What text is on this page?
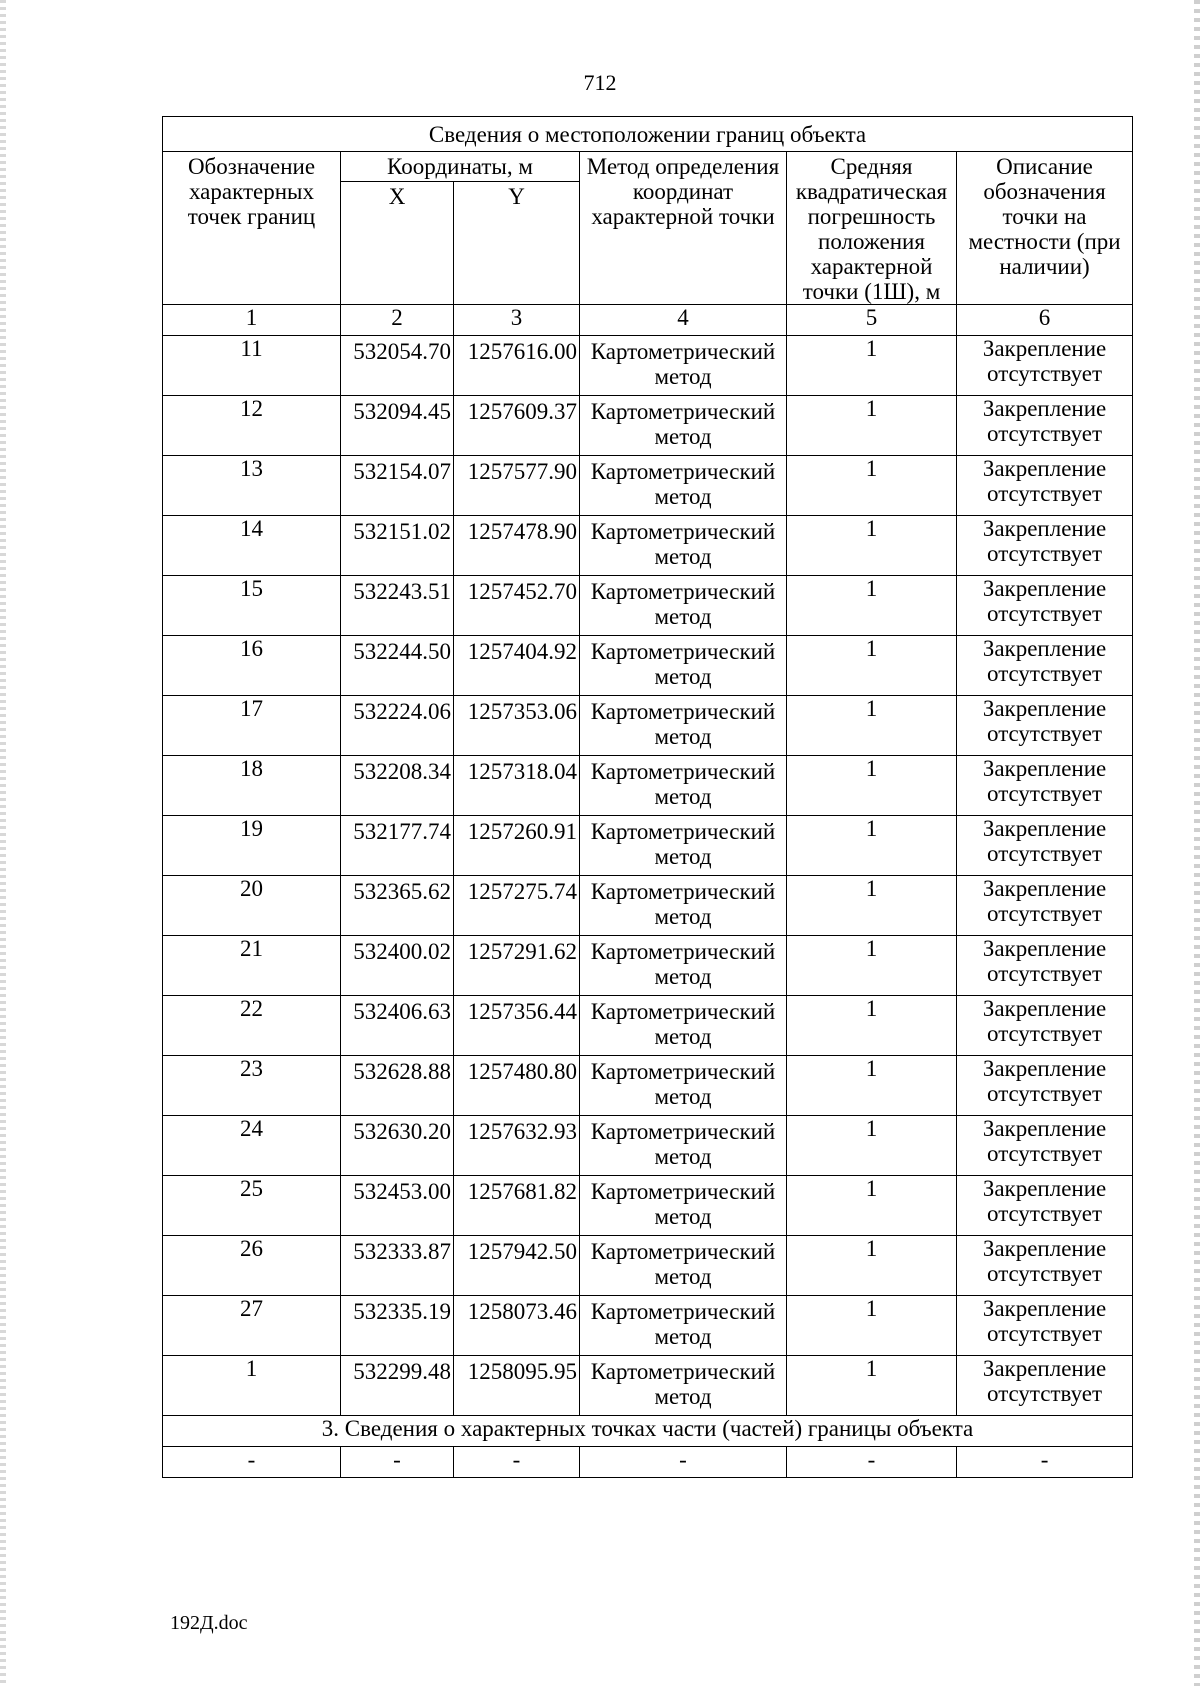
712
Сведения о местоположении границ объекта					
Обозначение характерных точек границ	Координаты, м		Метод определения координат характерной точки	Средняя квадратическая погрешность положения характерной точки (1Ш), м	Описание обозначения точки на местности (при наличии)
	X	Y			
1	2	3	4	5	6
11	532054.70	1257616.00	Картометрический метод	1	Закрепление отсутствует
12	532094.45	1257609.37	Картометрический метод	1	Закрепление отсутствует
13	532154.07	1257577.90	Картометрический метод	1	Закрепление отсутствует
14	532151.02	1257478.90	Картометрический метод	1	Закрепление отсутствует
15	532243.51	1257452.70	Картометрический метод	1	Закрепление отсутствует
16	532244.50	1257404.92	Картометрический метод	1	Закрепление отсутствует
17	532224.06	1257353.06	Картометрический метод	1	Закрепление отсутствует
18	532208.34	1257318.04	Картометрический метод	1	Закрепление отсутствует
19	532177.74	1257260.91	Картометрический метод	1	Закрепление отсутствует
20	532365.62	1257275.74	Картометрический метод	1	Закрепление отсутствует
21	532400.02	1257291.62	Картометрический метод	1	Закрепление отсутствует
22	532406.63	1257356.44	Картометрический метод	1	Закрепление отсутствует
23	532628.88	1257480.80	Картометрический метод	1	Закрепление отсутствует
24	532630.20	1257632.93	Картометрический метод	1	Закрепление отсутствует
25	532453.00	1257681.82	Картометрический метод	1	Закрепление отсутствует
26	532333.87	1257942.50	Картометрический метод	1	Закрепление отсутствует
27	532335.19	1258073.46	Картометрический метод	1	Закрепление отсутствует
1	532299.48	1258095.95	Картометрический метод	1	Закрепление отсутствует
3. Сведения о характерных точках части (частей) границы объекта					
-	-	-	-	-	-
192Д.doc
